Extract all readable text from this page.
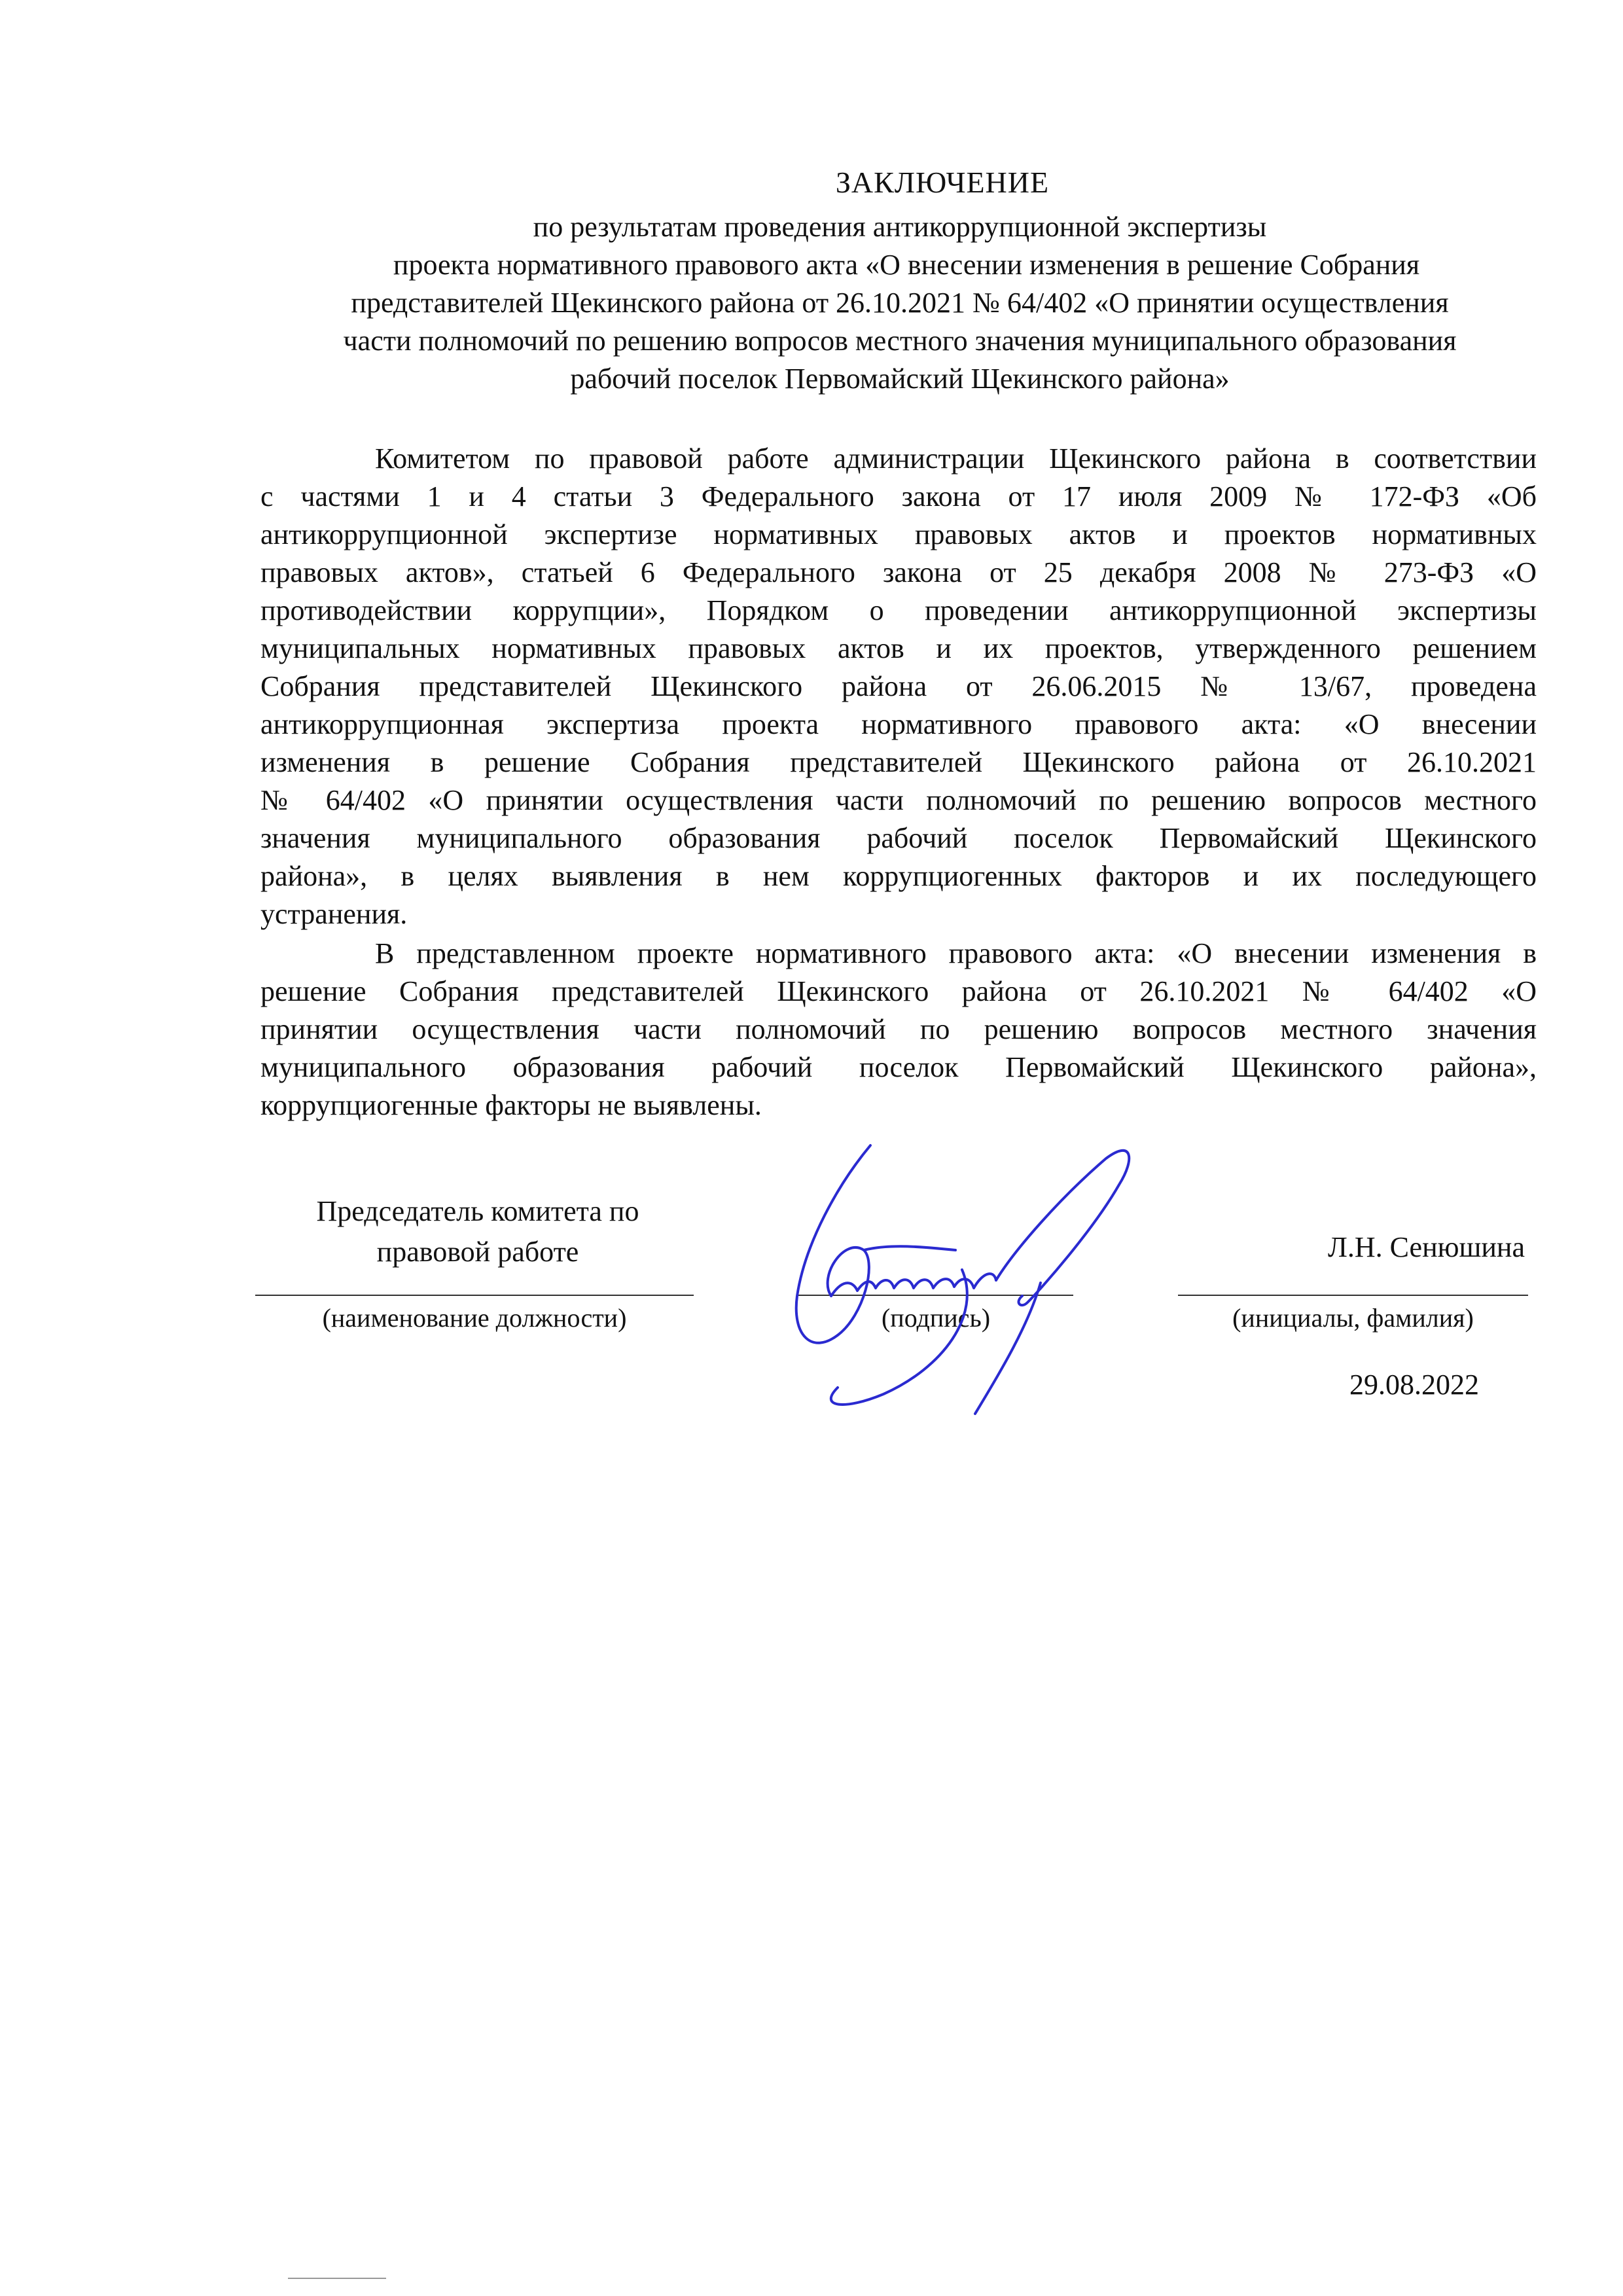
ЗАКЛЮЧЕНИЕ
по результатам проведения антикоррупционной экспертизы
проекта нормативного правового акта «О внесении изменения в решение Собрания
представителей Щекинского района от 26.10.2021 № 64/402 «О принятии осуществления
части полномочий по решению вопросов местного значения муниципального образования
рабочий поселок Первомайский Щекинского района»
Комитетом по правовой работе администрации Щекинского района в соответствии
с частями 1 и 4 статьи 3 Федерального закона от 17 июля 2009 № 172-ФЗ «Об
антикоррупционной экспертизе нормативных правовых актов и проектов нормативных
правовых актов», статьей 6 Федерального закона от 25 декабря 2008 № 273-ФЗ «О
противодействии коррупции», Порядком о проведении антикоррупционной экспертизы
муниципальных нормативных правовых актов и их проектов, утвержденного решением
Собрания представителей Щекинского района от 26.06.2015 № 13/67, проведена
антикоррупционная экспертиза проекта нормативного правового акта: «О внесении
изменения в решение Собрания представителей Щекинского района от 26.10.2021
№ 64/402 «О принятии осуществления части полномочий по решению вопросов местного
значения муниципального образования рабочий поселок Первомайский Щекинского
района», в целях выявления в нем коррупциогенных факторов и их последующего
устранения.
В представленном проекте нормативного правового акта: «О внесении изменения в
решение Собрания представителей Щекинского района от 26.10.2021 № 64/402 «О
принятии осуществления части полномочий по решению вопросов местного значения
муниципального образования рабочий поселок Первомайский Щекинского района»,
коррупциогенные факторы не выявлены.
Председатель комитета по
правовой работе	Л.Н. Сенюшина
(наименование должности)	(подпись)	(инициалы, фамилия)
29.08.2022
